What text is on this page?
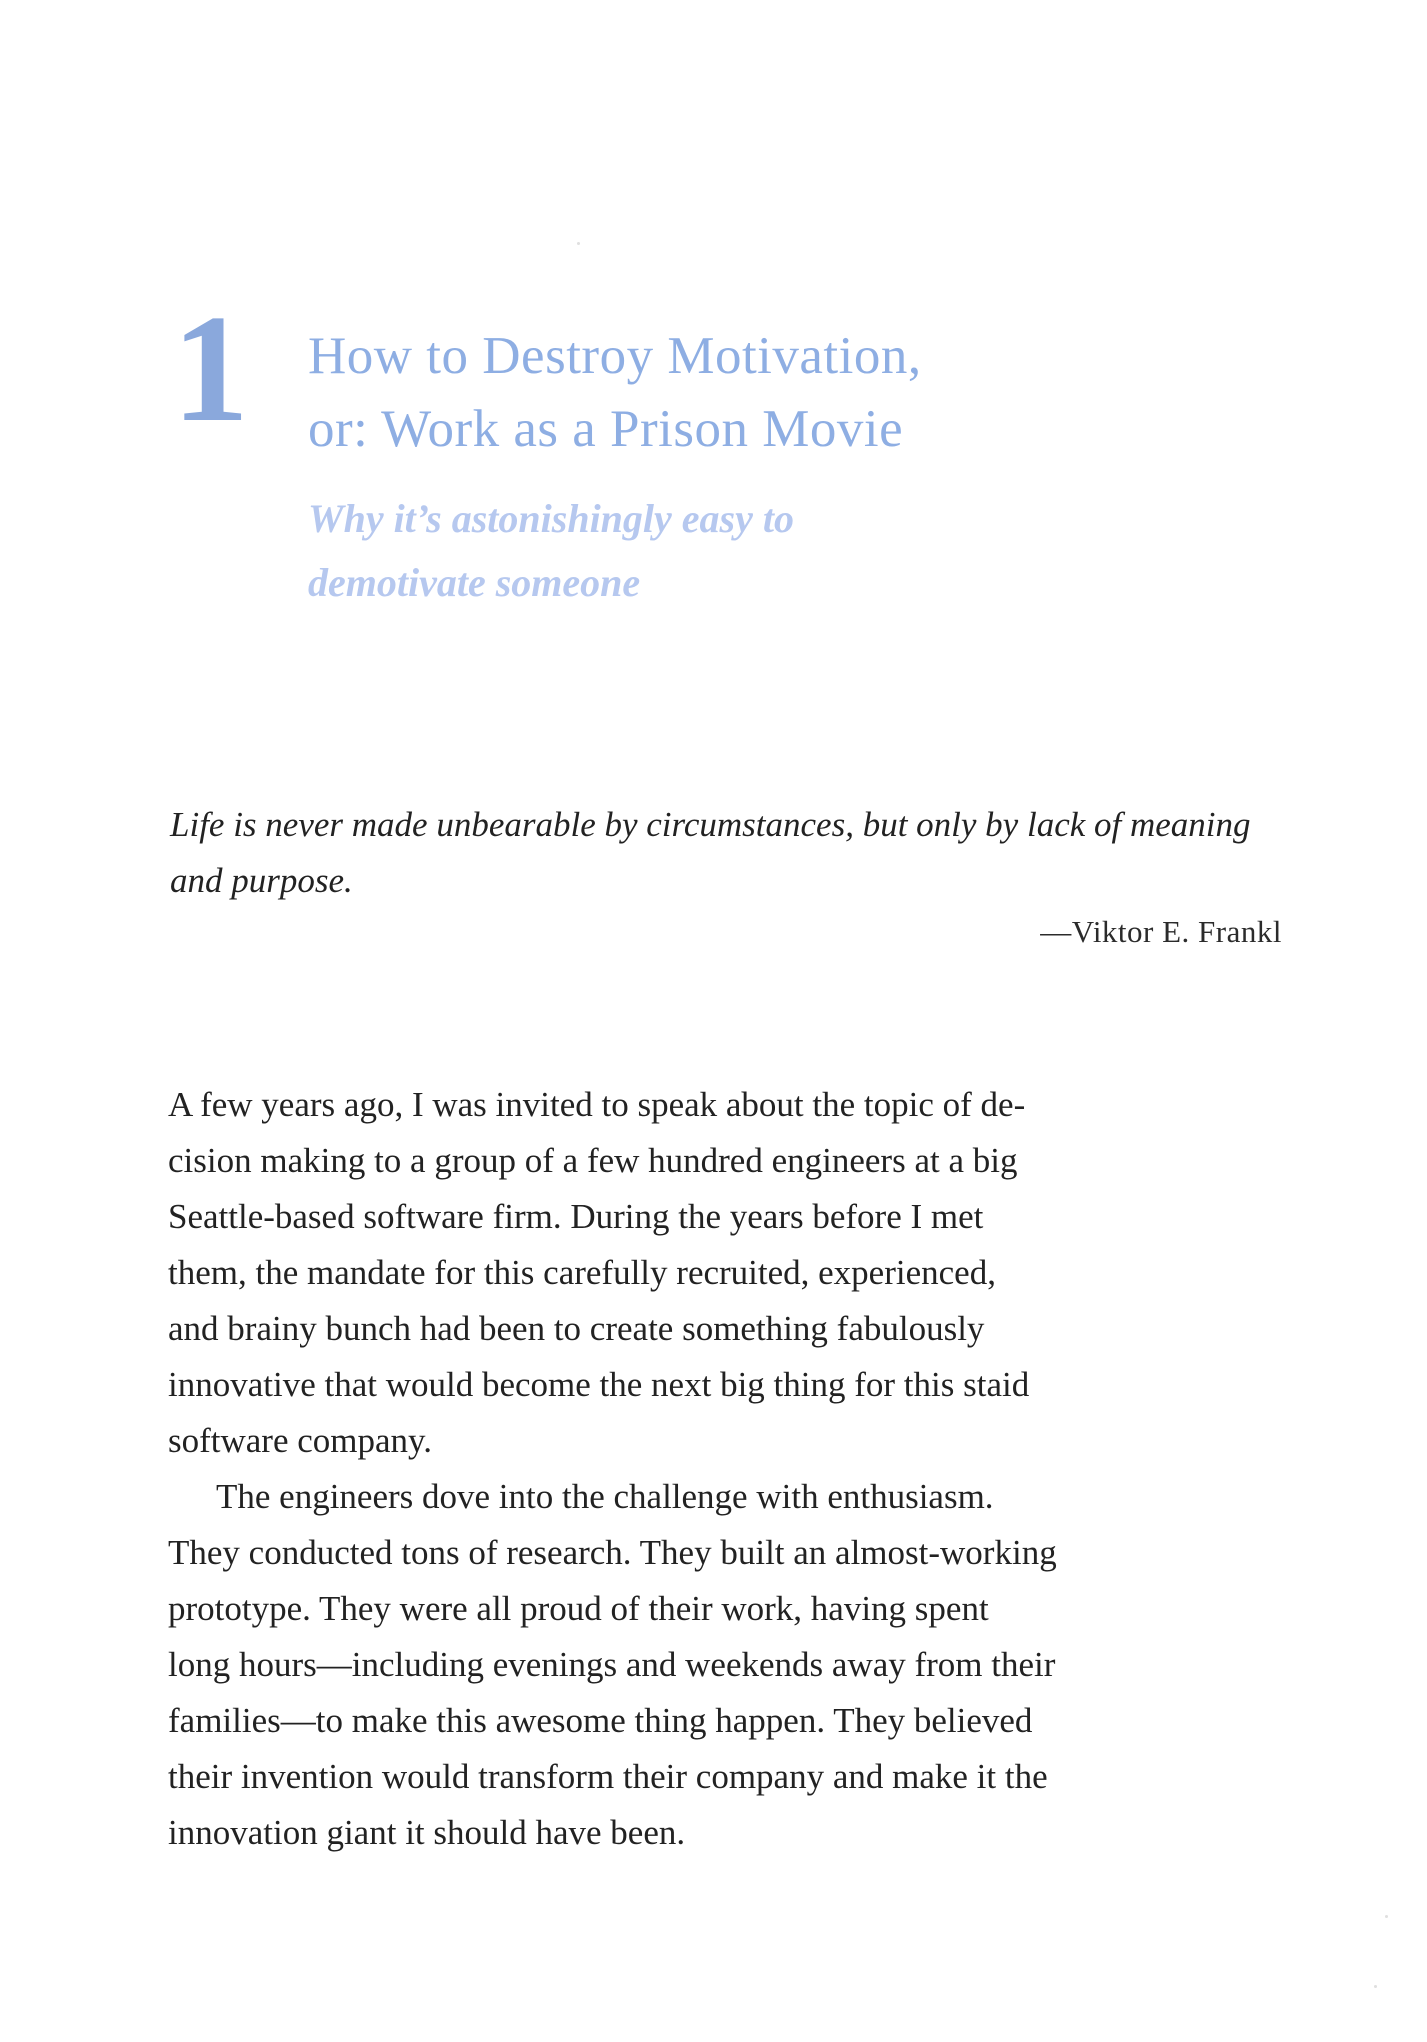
1 How to Destroy Motivation,
or: Work as a Prison Movie
Why it’s astonishingly easy to
demotivate someone

Life is never made unbearable by circumstances, but only by lack of meaning and purpose.

—Viktor E. Frankl

A few years ago, I was invited to speak about the topic of de-
cision making to a group of a few hundred engineers at a big
Seattle-based software firm. During the years before I met
them, the mandate for this carefully recruited, experienced,
and brainy bunch had been to create something fabulously
innovative that would become the next big thing for this staid
software company.

The engineers dove into the challenge with enthusiasm.
They conducted tons of research. They built an almost-working
prototype. They were all proud of their work, having spent
long hours—including evenings and weekends away from their
families—to make this awesome thing happen. They believed
their invention would transform their company and make it the
innovation giant it should have been.
